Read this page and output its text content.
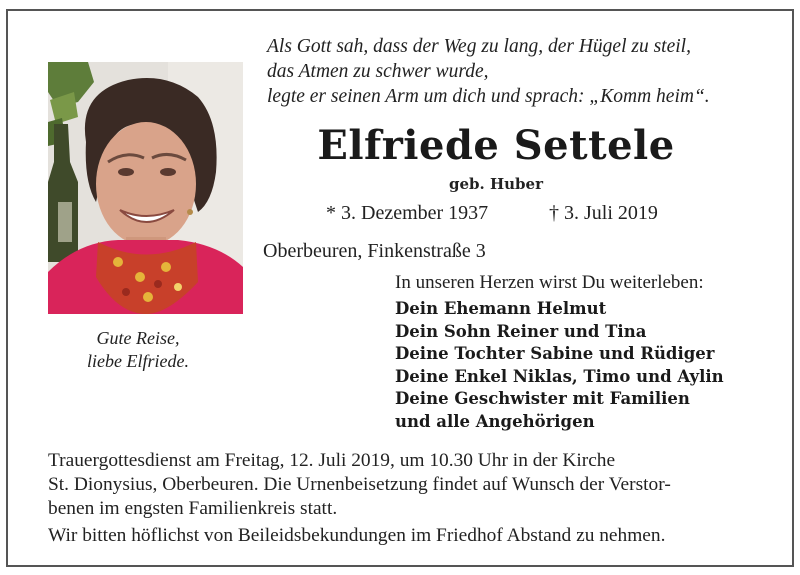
Als Gott sah, dass der Weg zu lang, der Hügel zu steil,
das Atmen zu schwer wurde,
legte er seinen Arm um dich und sprach: „Komm heim“.
Elfriede Settele
geb. Huber
* 3. Dezember 1937	† 3. Juli 2019
Oberbeuren, Finkenstraße 3
Gute Reise,
liebe Elfriede.
In unseren Herzen wirst Du weiterleben:
Dein Ehemann Helmut
Dein Sohn Reiner und Tina
Deine Tochter Sabine und Rüdiger
Deine Enkel Niklas, Timo und Aylin
Deine Geschwister mit Familien
und alle Angehörigen
Trauergottesdienst am Freitag, 12. Juli 2019, um 10.30 Uhr in der Kirche
St. Dionysius, Oberbeuren. Die Urnenbeisetzung findet auf Wunsch der Verstor-
benen im engsten Familienkreis statt.
Wir bitten höflichst von Beileidsbekundungen im Friedhof Abstand zu nehmen.
